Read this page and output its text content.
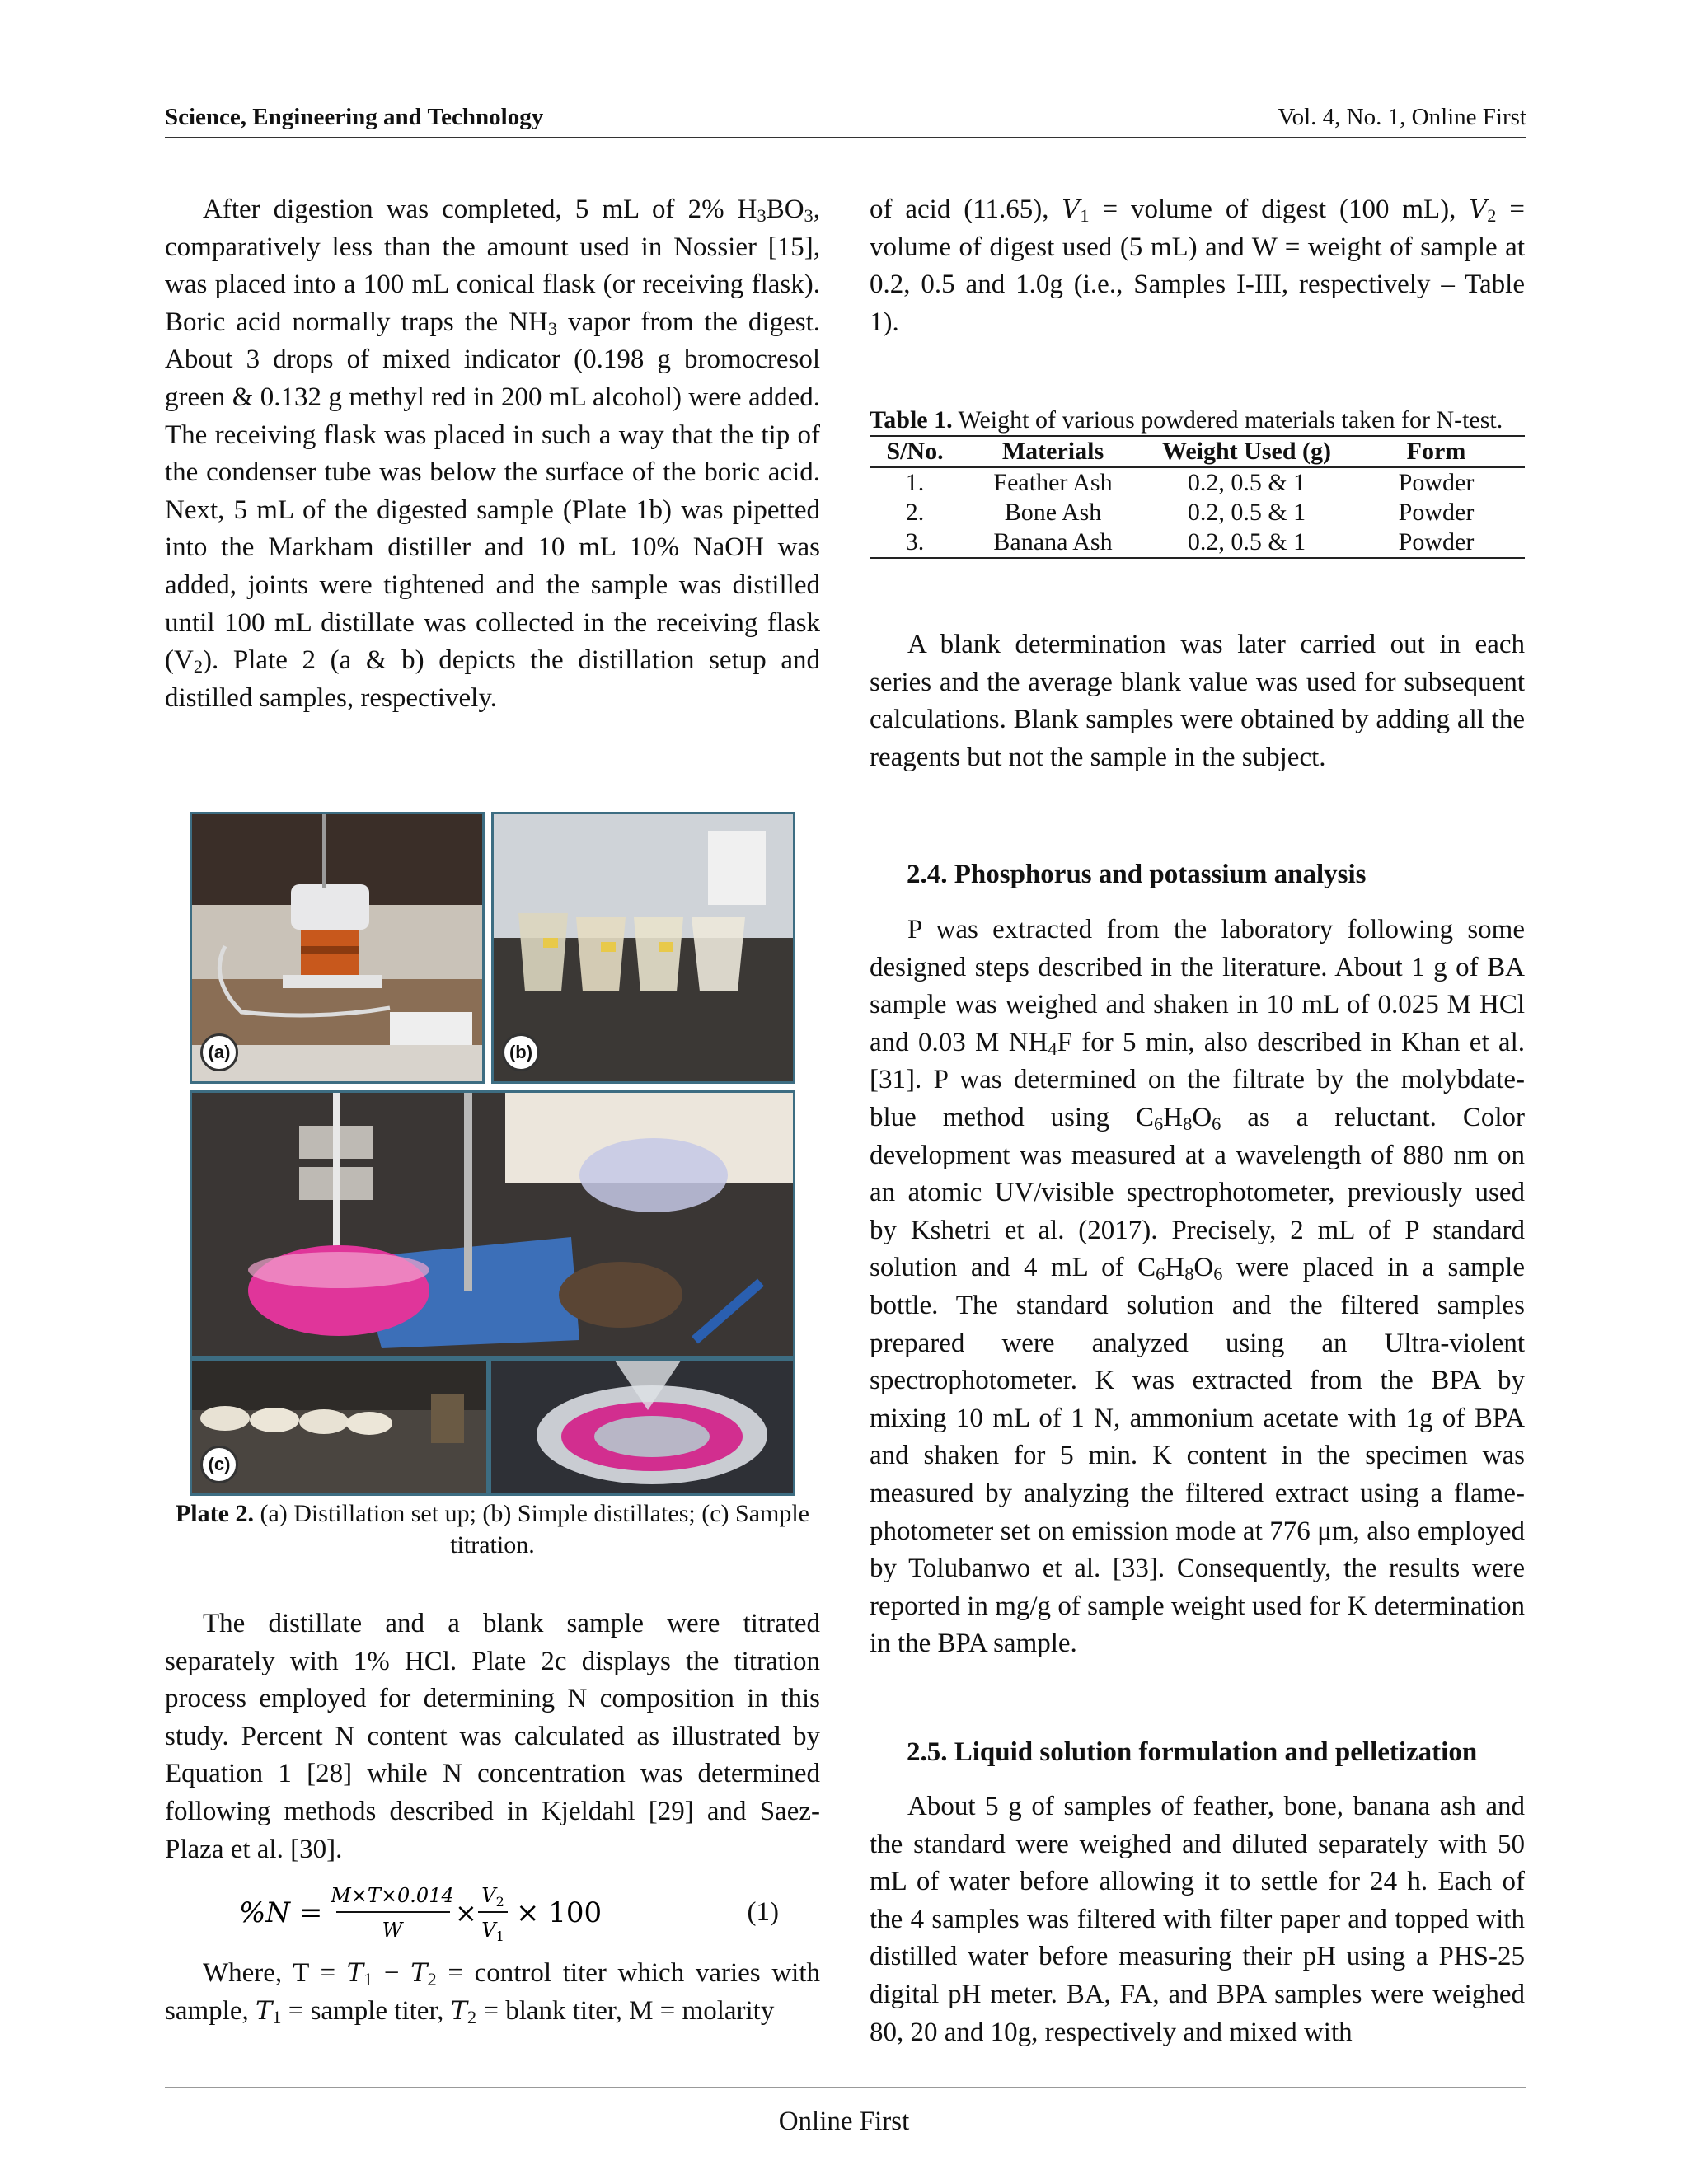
Science, Engineering and Technology	Vol. 4, No. 1, Online First

After digestion was completed, 5 mL of 2% $H_3BO_3$, comparatively less than the amount used in Nossier [15], was placed into a 100 mL conical flask (or receiving flask). Boric acid normally traps the $NH_3$ vapor from the digest. About 3 drops of mixed indicator (0.198 g bromocresol green & 0.132 g methyl red in 200 mL alcohol) were added. The receiving flask was placed in such a way that the tip of the condenser tube was below the surface of the boric acid. Next, 5 mL of the digested sample (Plate 1b) was pipetted into the Markham distiller and 10 mL 10% NaOH was added, joints were tightened and the sample was distilled until 100 mL distillate was collected in the receiving flask $(V_2)$. Plate 2 (a & b) depicts the distillation setup and distilled samples, respectively.

(a)	(b)
(c)
Plate 2. (a) Distillation set up; (b) Simple distillates; (c) Sample titration.

The distillate and a blank sample were titrated separately with 1% HCl. Plate 2c displays the titration process employed for determining N composition in this study. Percent N content was calculated as illustrated by Equation 1 [28] while N concentration was determined following methods described in Kjeldahl [29] and Saez-Plaza et al. [30].

%N =
M×T×0.014
W
×
$V_2$
$V_1$
× 100	(1)

Where, $T = T_1 - T_2$ = control titer which varies with sample, $T_1$ = sample titer, $T_2$ = blank titer, M = molarity

of acid (11.65), $V_1$ = volume of digest (100 mL), $V_2$ = volume of digest used (5 mL) and W = weight of sample at 0.2, 0.5 and 1.0g (i.e., Samples I-III, respectively – Table 1).

Table 1. Weight of various powdered materials taken for N-test.
S/No.	Materials	Weight Used (g)	Form
1.	Feather Ash	0.2, 0.5 & 1	Powder
2.	Bone Ash	0.2, 0.5 & 1	Powder
3.	Banana Ash	0.2, 0.5 & 1	Powder

A blank determination was later carried out in each series and the average blank value was used for subsequent calculations. Blank samples were obtained by adding all the reagents but not the sample in the subject.

2.4. Phosphorus and potassium analysis

P was extracted from the laboratory following some designed steps described in the literature. About 1 g of BA sample was weighed and shaken in 10 mL of 0.025 M HCl and 0.03 M $NH_4F$ for 5 min, also described in Khan et al. [31]. P was determined on the filtrate by the molybdate-blue method using $C_6H_8O_6$ as a reluctant. Color development was measured at a wavelength of 880 nm on an atomic UV/visible spectrophotometer, previously used by Kshetri et al. (2017). Precisely, 2 mL of P standard solution and 4 mL of $C_6H_8O_6$ were placed in a sample bottle. The standard solution and the filtered samples prepared were analyzed using an Ultra-violent spectrophotometer. K was extracted from the BPA by mixing 10 mL of 1 N, ammonium acetate with 1g of BPA and shaken for 5 min. K content in the specimen was measured by analyzing the filtered extract using a flame-photometer set on emission mode at 776 μm, also employed by Tolubanwo et al. [33]. Consequently, the results were reported in mg/g of sample weight used for K determination in the BPA sample.

2.5. Liquid solution formulation and pelletization

About 5 g of samples of feather, bone, banana ash and the standard were weighed and diluted separately with 50 mL of water before allowing it to settle for 24 h. Each of the 4 samples was filtered with filter paper and topped with distilled water before measuring their pH using a PHS-25 digital pH meter. BA, FA, and BPA samples were weighed 80, 20 and 10g, respectively and mixed with

Online First
